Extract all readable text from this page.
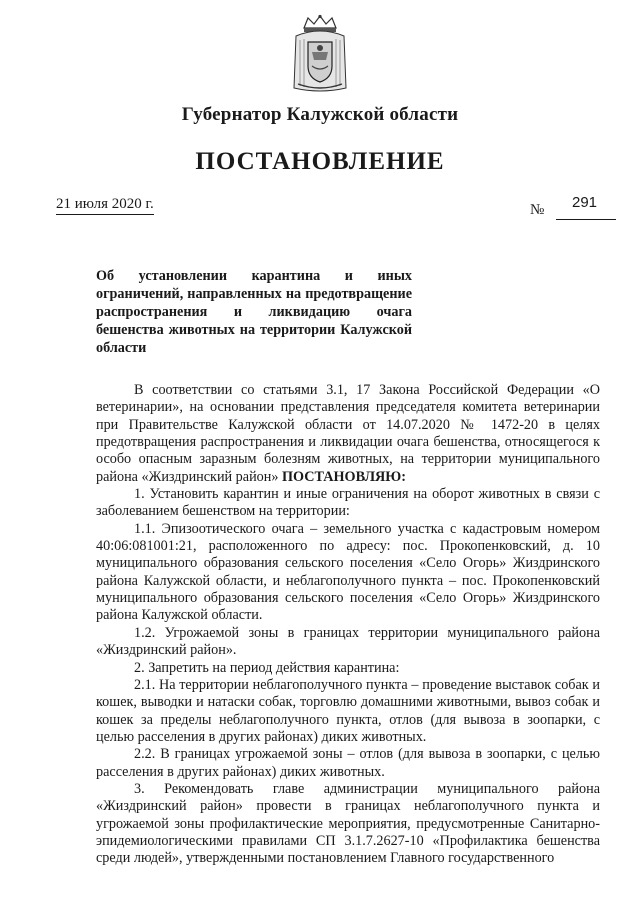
Губернатор Калужской области
ПОСТАНОВЛЕНИЕ
21 июля 2020 г.	№ 291
Об установлении карантина и иных ограничений, направленных на предотвращение распространения и ликвидацию очага бешенства животных на территории Калужской области

В соответствии со статьями 3.1, 17 Закона Российской Федерации «О ветеринарии», на основании представления председателя комитета ветеринарии при Правительстве Калужской области от 14.07.2020 № 1472-20 в целях предотвращения распространения и ликвидации очага бешенства, относящегося к особо опасным заразным болезням животных, на территории муниципального района «Жиздринский район» ПОСТАНОВЛЯЮ:

1. Установить карантин и иные ограничения на оборот животных в связи с заболеванием бешенством на территории:

1.1. Эпизоотического очага – земельного участка с кадастровым номером 40:06:081001:21, расположенного по адресу: пос. Прокопенковский, д. 10 муниципального образования сельского поселения «Село Огорь» Жиздринского района Калужской области, и неблагополучного пункта – пос. Прокопенковский муниципального образования сельского поселения «Село Огорь» Жиздринского района Калужской области.

1.2. Угрожаемой зоны в границах территории муниципального района «Жиздринский район».

2. Запретить на период действия карантина:

2.1. На территории неблагополучного пункта – проведение выставок собак и кошек, выводки и натаски собак, торговлю домашними животными, вывоз собак и кошек за пределы неблагополучного пункта, отлов (для вывоза в зоопарки, с целью расселения в других районах) диких животных.

2.2. В границах угрожаемой зоны – отлов (для вывоза в зоопарки, с целью расселения в других районах) диких животных.

3. Рекомендовать главе администрации муниципального района «Жиздринский район» провести в границах неблагополучного пункта и угрожаемой зоны профилактические мероприятия, предусмотренные Санитарно-эпидемиологическими правилами СП 3.1.7.2627-10 «Профилактика бешенства среди людей», утвержденными постановлением Главного государственного
